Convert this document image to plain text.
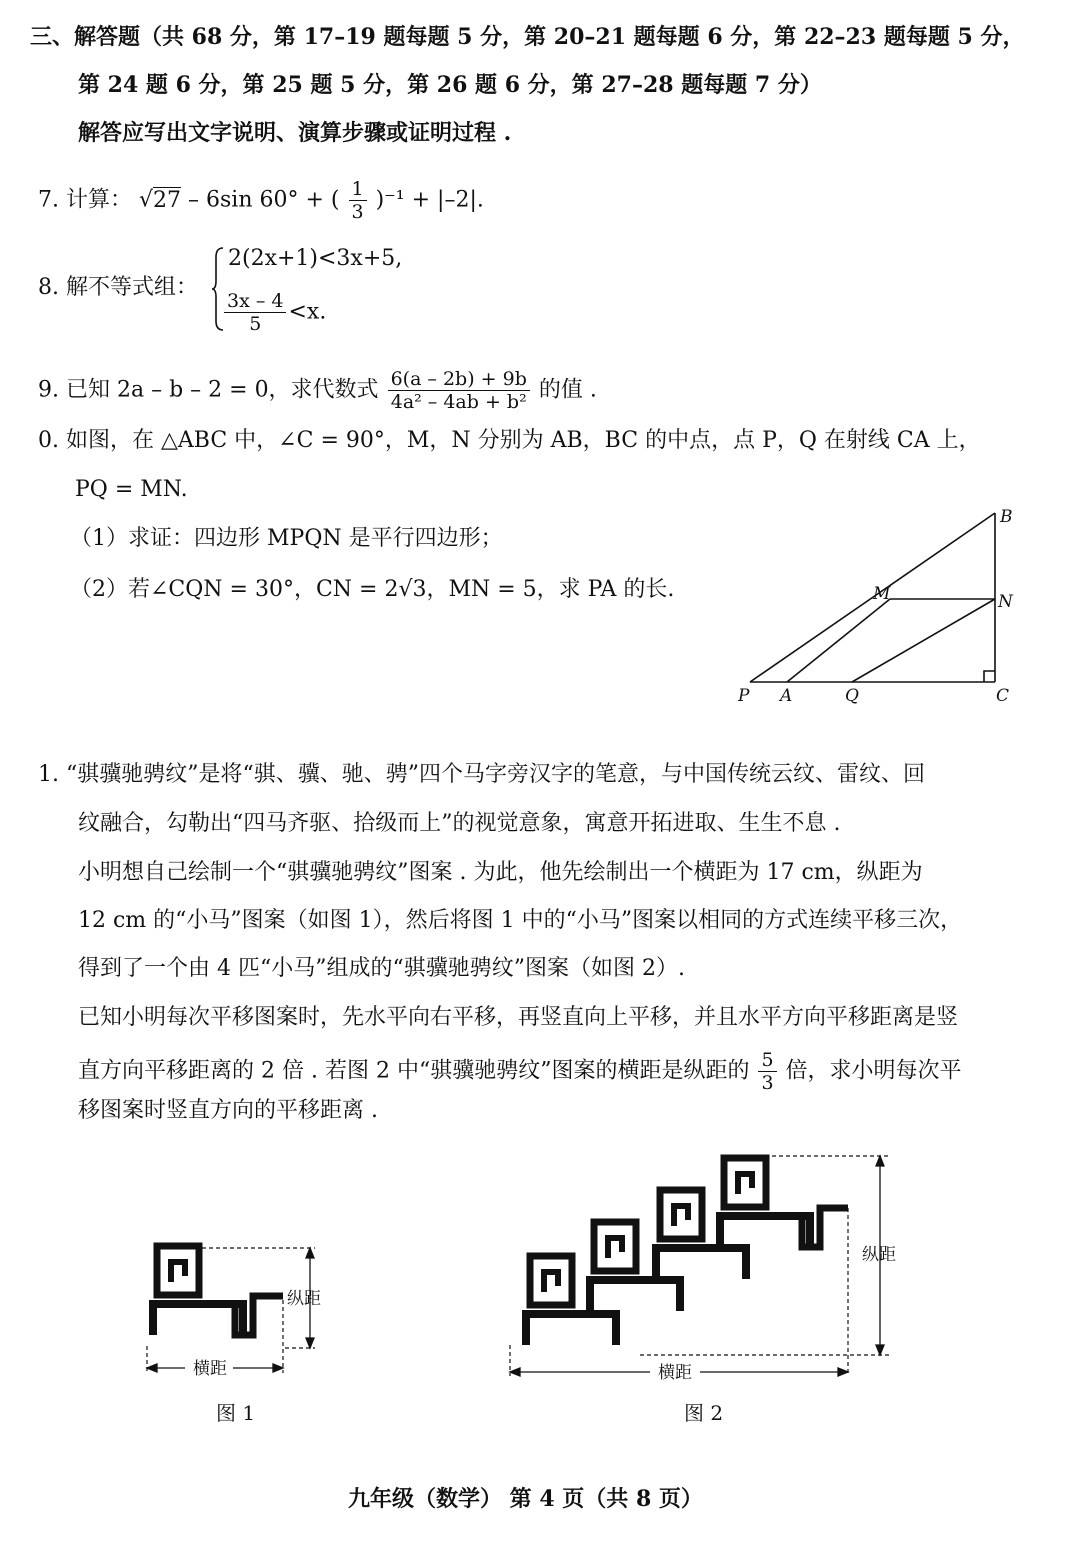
三、解答题（共 68 分，第 17–19 题每题 5 分，第 20–21 题每题 6 分，第 22–23 题每题 5 分，
第 24 题 6 分，第 25 题 5 分，第 26 题 6 分，第 27–28 题每题 7 分）
解答应写出文字说明、演算步骤或证明过程 .
7. 计算： √27 – 6sin 60° + ( $\frac{1}{3} )^{-1} + |-2|$.
8. 解不等式组：
2(2x+1)<3x+5,
$\frac{3x - 4}{5} <x$.
9. 已知 2a – b – 2 = 0，求代数式 $\frac{6(a - 2b) + 9b}{\text{4a² – 4ab + b²}}$ 的值 .
0. 如图，在 △ABC 中，∠C = 90°，M，N 分别为 AB，BC 的中点，点 P，Q 在射线 CA 上，
PQ = MN.
（1）求证：四边形 MPQN 是平行四边形；
（2）若∠CQN = 30°，CN = 2√3，MN = 5，求 PA 的长.
B
M	N
P A	Q	C
1. “骐骥驰骋纹”是将“骐、骥、驰、骋”四个马字旁汉字的笔意，与中国传统云纹、雷纹、回
纹融合，勾勒出“四马齐驱、拾级而上”的视觉意象，寓意开拓进取、生生不息 .
小明想自己绘制一个“骐骥驰骋纹”图案 . 为此，他先绘制出一个横距为 17 cm，纵距为
12 cm 的“小马”图案（如图 1），然后将图 1 中的“小马”图案以相同的方式连续平移三次，
得到了一个由 4 匹“小马”组成的“骐骥驰骋纹”图案（如图 2）.
已知小明每次平移图案时，先水平向右平移，再竖直向上平移，并且水平方向平移距离是竖
直方向平移距离的 2 倍 . 若图 2 中“骐骥驰骋纹”图案的横距是纵距的 $\frac{5}{3}$ 倍，求小明每次平
移图案时竖直方向的平移距离 .
纵距
横距
图 1
纵距
横距
图 2
九年级（数学） 第 4 页（共 8 页）
